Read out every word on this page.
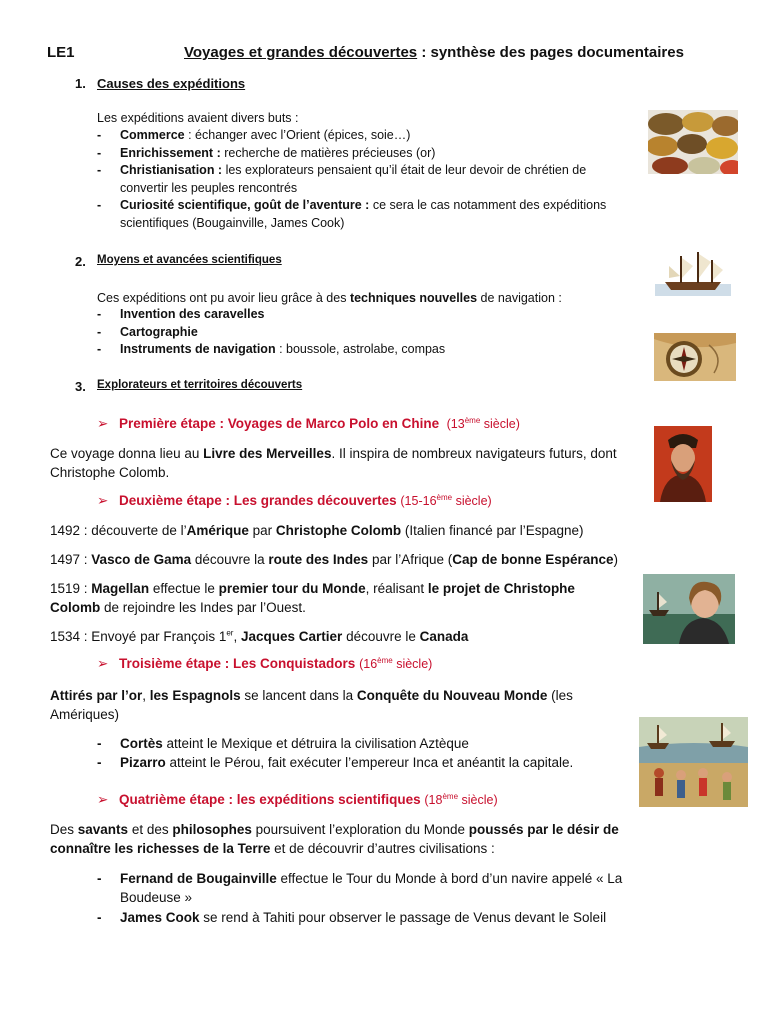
LE1	Voyages et grandes découvertes : synthèse des pages documentaires
1. Causes des expéditions
Les expéditions avaient divers buts :
- Commerce : échanger avec l’Orient (épices, soie…)
- Enrichissement : recherche de matières précieuses (or)
- Christianisation : les explorateurs pensaient qu’il était de leur devoir de chrétien de convertir les peuples rencontrés
- Curiosité scientifique, goût de l’aventure : ce sera le cas notamment des expéditions scientifiques (Bougainville, James Cook)
2. Moyens et avancées scientifiques
Ces expéditions ont pu avoir lieu grâce à des techniques nouvelles de navigation :
- Invention des caravelles
- Cartographie
- Instruments de navigation : boussole, astrolabe, compas
3. Explorateurs et territoires découverts
➢ Première étape : Voyages de Marco Polo en Chine (13ème siècle)
Ce voyage donna lieu au Livre des Merveilles. Il inspira de nombreux navigateurs futurs, dont Christophe Colomb.
➢ Deuxième étape : Les grandes découvertes (15-16ème siècle)
1492 : découverte de l’Amérique par Christophe Colomb (Italien financé par l’Espagne)
1497 : Vasco de Gama découvre la route des Indes par l’Afrique (Cap de bonne Espérance)
1519 : Magellan effectue le premier tour du Monde, réalisant le projet de Christophe Colomb de rejoindre les Indes par l’Ouest.
1534 : Envoyé par François 1er, Jacques Cartier découvre le Canada
➢ Troisième étape : Les Conquistadors (16ème siècle)
Attirés par l’or, les Espagnols se lancent dans la Conquête du Nouveau Monde (les Amériques)
- Cortès atteint le Mexique et détruira la civilisation Aztèque
- Pizarro atteint le Pérou, fait exécuter l’empereur Inca et anéantit la capitale.
➢ Quatrième étape : les expéditions scientifiques (18ème siècle)
Des savants et des philosophes poursuivent l’exploration du Monde poussés par le désir de connaître les richesses de la Terre et de découvrir d’autres civilisations :
- Fernand de Bougainville effectue le Tour du Monde à bord d’un navire appelé « La Boudeuse »
- James Cook se rend à Tahiti pour observer le passage de Venus devant le Soleil
